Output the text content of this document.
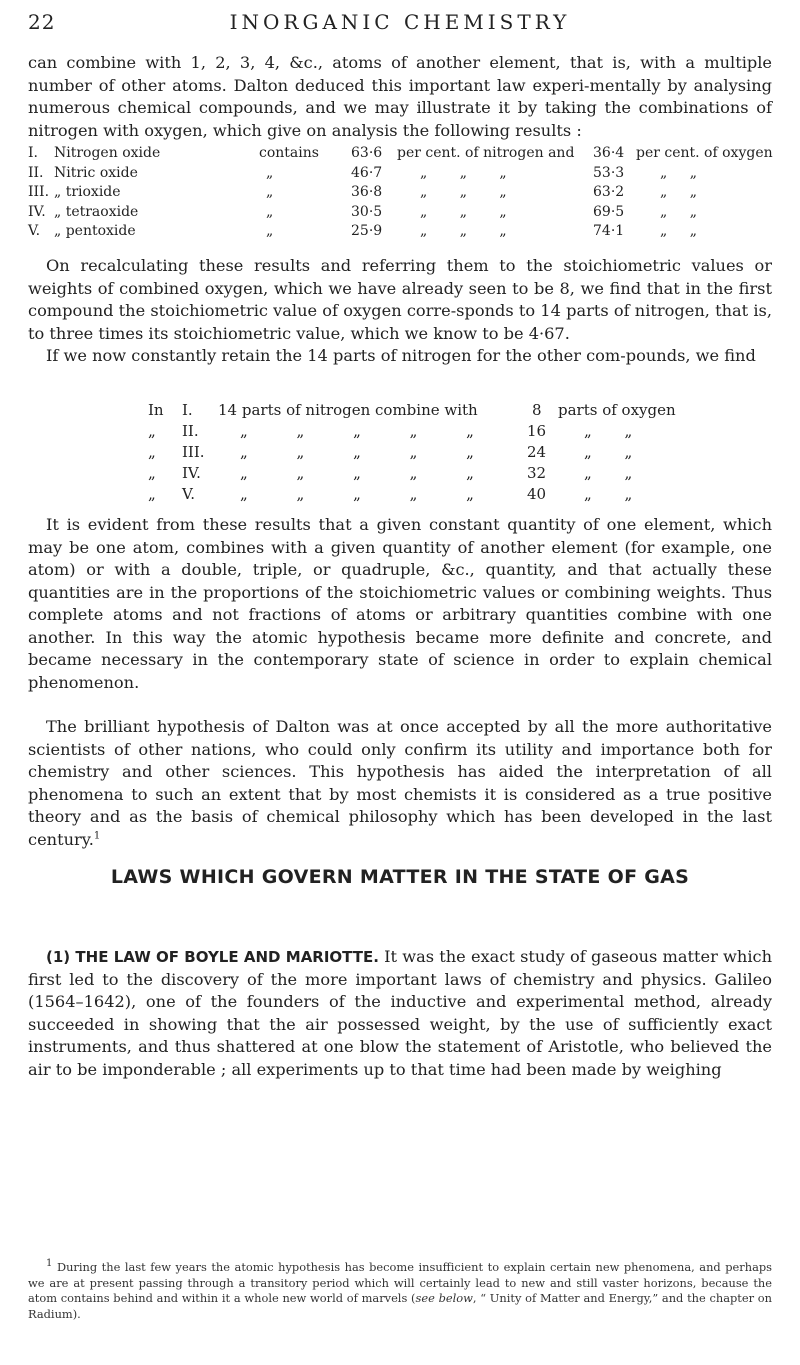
22	INORGANIC CHEMISTRY

can combine with 1, 2, 3, 4, &c., atoms of another element, that is, with a multiple number of other atoms. Dalton deduced this important law experi-mentally by analysing numerous chemical compounds, and we may illustrate it by taking the combinations of nitrogen with oxygen, which give on analysis the following results :

I. Nitrogen oxide	contains 63·6 per cent. of nitrogen and 36·4 per cent. of oxygen
II. Nitric oxide	„	46·7	„ „ „	53·3	„ „
III. „ trioxide	„	36·8	„ „ „	63·2	„ „
IV. „ tetraoxide	„	30·5	„ „ „	69·5	„ „
V. „ pentoxide	„	25·9	„ „ „	74·1	„ „

On recalculating these results and referring them to the stoichiometric values or weights of combined oxygen, which we have already seen to be 8, we find that in the first compound the stoichiometric value of oxygen corre-sponds to 14 parts of nitrogen, that is, to three times its stoichiometric value, which we know to be 4·67.

If we now constantly retain the 14 parts of nitrogen for the other com-pounds, we find

In I. 14 parts of nitrogen combine with	8 parts of oxygen
„ II.	„ „ „ „ „	16	„ „
„ III. „ „ „ „ „	24	„ „
„ IV.	„ „ „ „ „	32	„ „
„ V.	„ „ „ „ „	40	„ „

It is evident from these results that a given constant quantity of one element, which may be one atom, combines with a given quantity of another element (for example, one atom) or with a double, triple, or quadruple, &c., quantity, and that actually these quantities are in the proportions of the stoichiometric values or combining weights. Thus complete atoms and not fractions of atoms or arbitrary quantities combine with one another. In this way the atomic hypothesis became more definite and concrete, and became necessary in the contemporary state of science in order to explain chemical phenomenon.

The brilliant hypothesis of Dalton was at once accepted by all the more authoritative scientists of other nations, who could only confirm its utility and importance both for chemistry and other sciences. This hypothesis has aided the interpretation of all phenomena to such an extent that by most chemists it is considered as a true positive theory and as the basis of chemical philosophy which has been developed in the last century.$^1$

LAWS WHICH GOVERN MATTER IN THE STATE OF GAS

(1) THE LAW OF BOYLE AND MARIOTTE. It was the exact study of gaseous matter which first led to the discovery of the more important laws of chemistry and physics. Galileo (1564–1642), one of the founders of the inductive and experimental method, already succeeded in showing that the air possessed weight, by the use of sufficiently exact instruments, and thus shattered at one blow the statement of Aristotle, who believed the air to be imponderable ; all experiments up to that time had been made by weighing

$^1$ During the last few years the atomic hypothesis has become insufficient to explain certain new phenomena, and perhaps we are at present passing through a transitory period which will certainly lead to new and still vaster horizons, because the atom contains behind and within it a whole new world of marvels (see below, “ Unity of Matter and Energy,” and the chapter on Radium).
